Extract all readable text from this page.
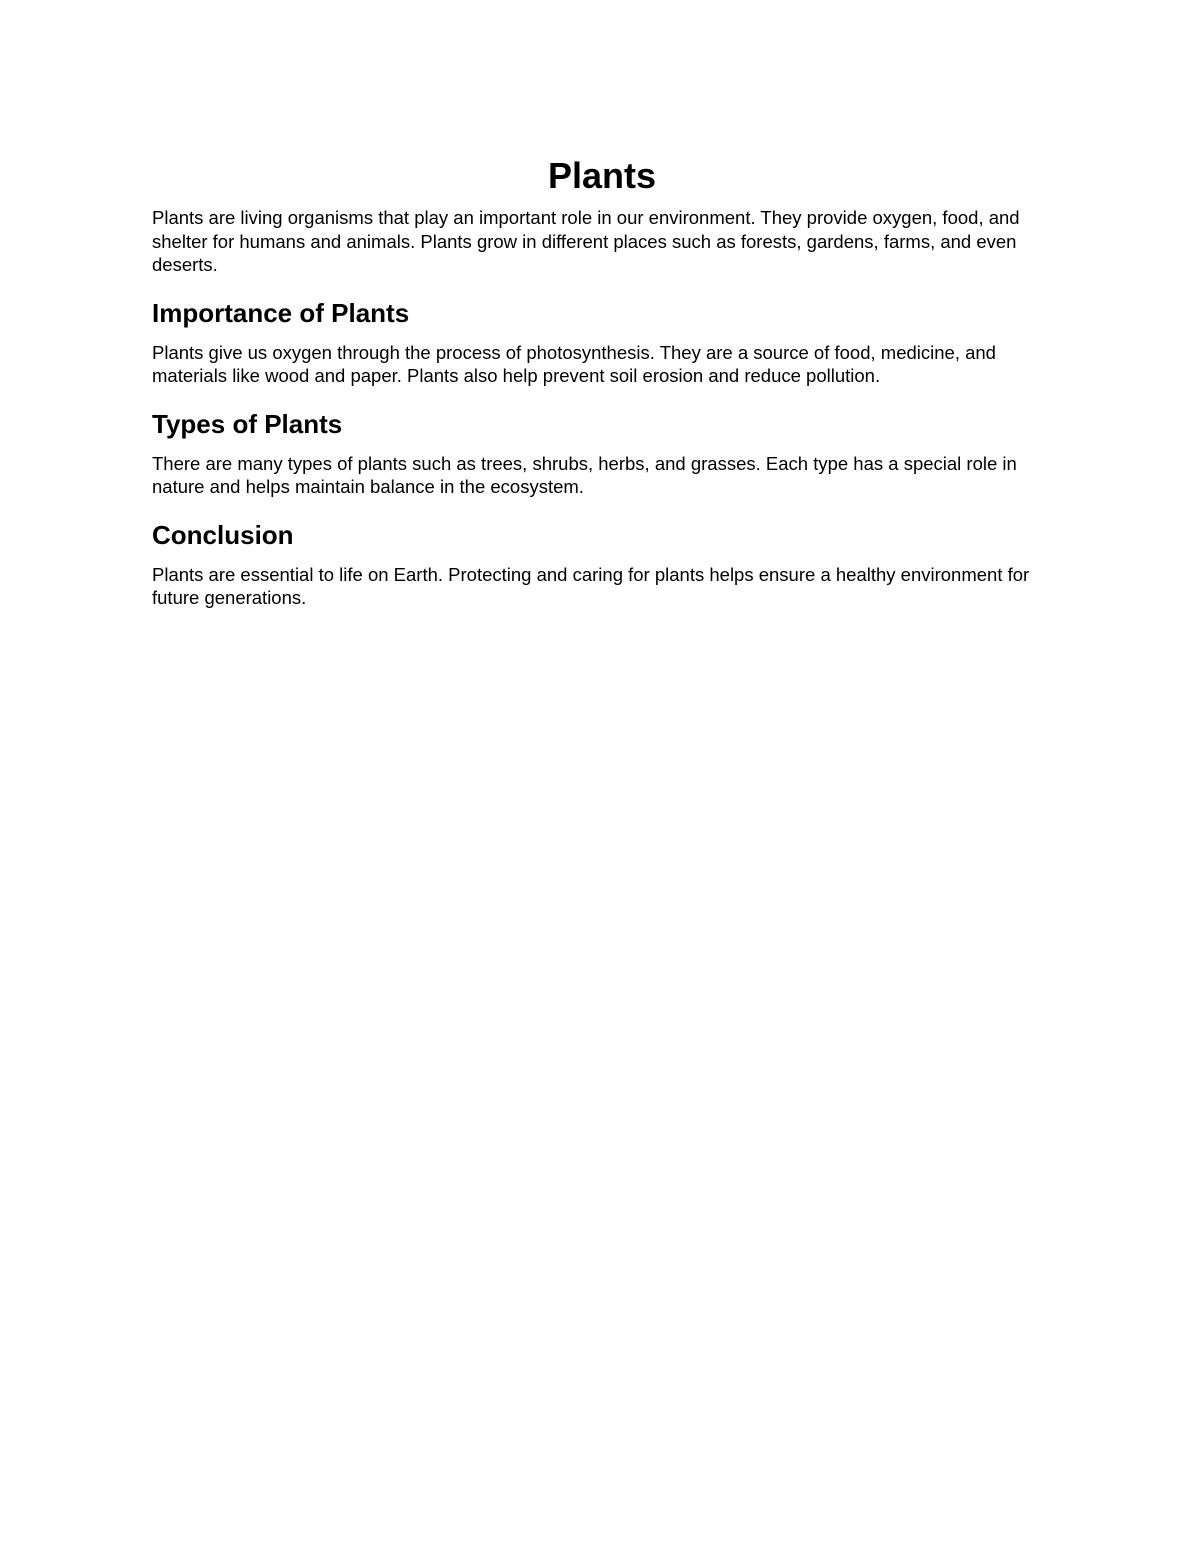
Plants

Plants are living organisms that play an important role in our environment. They provide oxygen, food, and shelter for humans and animals. Plants grow in different places such as forests, gardens, farms, and even deserts.

Importance of Plants

Plants give us oxygen through the process of photosynthesis. They are a source of food, medicine, and materials like wood and paper. Plants also help prevent soil erosion and reduce pollution.

Types of Plants

There are many types of plants such as trees, shrubs, herbs, and grasses. Each type has a special role in nature and helps maintain balance in the ecosystem.

Conclusion

Plants are essential to life on Earth. Protecting and caring for plants helps ensure a healthy environment for future generations.
